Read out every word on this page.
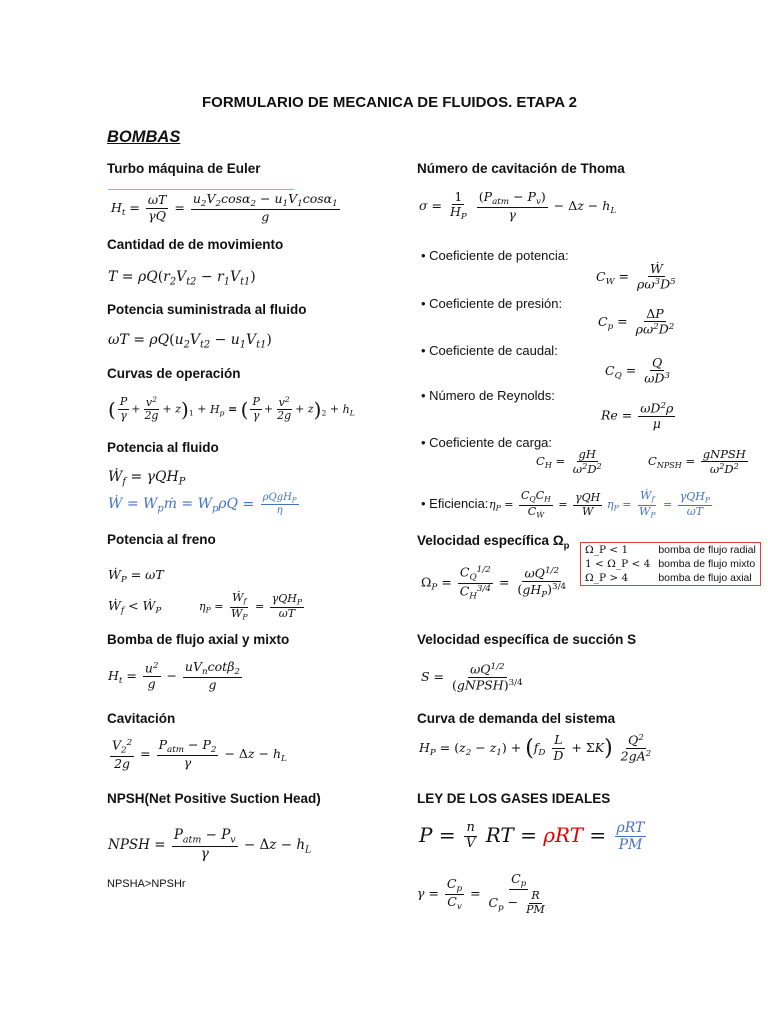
FORMULARIO DE MECANICA DE FLUIDOS. ETAPA 2
BOMBAS
Turbo máquina de Euler
$H_t = \frac{\omega T}{\gamma Q} = \frac{u_2V_2\cos\alpha_2 - u_1V_1\cos\alpha_1}{g}$
Cantidad de de movimiento
$T = \rho Q(r_2V_{t2} - r_1V_{t1})$
Potencia suministrada al fluido
$\omega T = \rho Q(u_2V_{t2} - u_1V_{t1})$
Curvas de operación
( $\frac{P}{\gamma} + \frac{v^2}{2g} + z)_1 + H_p$ = ( $\frac{P}{\gamma} + \frac{v^2}{2g} + z)_2 + h_L$
Potencia al fluido
Ẇ$_f$ = γQH$_P$
Ẇ = $W_pṁ = W_p\rho Q = \frac{\rho QgH_P}{\eta}$
Potencia al freno
Ẇ$_P$ = ωT
Ẇ$_f$ < Ẇ$_P$	$\eta_P = \frac{Ẇ_f}{Ẇ_P} = \frac{\gamma QH_P}{\omega T}$
Bomba de flujo axial y mixto
$H_t = \frac{u^2}{g} - \frac{uV_n\cot\beta_2}{g}$
Cavitación
$\frac{V_2^2}{2g} = \frac{P_{atm} - P_2}{\gamma} - \Delta z - h_L$
NPSH(Net Positive Suction Head)
NPSH = $\frac{P_{atm} - P_v}{\gamma} - \Delta z - h_L$
NPSHA>NPSHr
Número de cavitación de Thoma
$\sigma = \frac{1}{H_P}$
$\frac{(P_{atm} - P_v)}{\gamma} - \Delta z - h_L$
• Coeficiente de potencia:
$C_W = \frac{\text{Ẇ}}{\rho\omega^3D^5}$
• Coeficiente de presión:
$C_p = \frac{\Delta P}{\rho\omega^2D^2}$
• Coeficiente de caudal:
$C_Q = \frac{Q}{\omega D^3}$
• Número de Reynolds:
$Re = \frac{\omega D^2\rho}{\mu}$
• Coeficiente de carga:
$C_H = \frac{gH}{\omega^2D^2}$	$C_{NPSH} = \frac{\text{gNPSH}}{\omega^2D^2}$
• Eficiencia: $\eta_P = \frac{C_QC_H}{C_Ẇ} = \frac{\text{γQH}}{W} \eta_P = \frac{Ẇ_f}{Ẇ_P} = \frac{\gamma QH_P}{\omega T}$
Velocidad específica $\Omega_p$
$\Omega_P = \frac{C_Q^{1/2}}{C_H^{3/4}} = \frac{\omega Q^{1/2}}{(gH_P)^{3/4}}$
Ω_P < 1	bomba de flujo radial
1 < Ω_P < 4	bomba de flujo mixto
Ω_P > 4	bomba de flujo axial
Velocidad específica de succión S
$S = \frac{\omega Q^{1/2}}{(gNPSH)^{3/4}}$
Curva de demanda del sistema
$H_P = (z_2 - z_1) + (f_D \frac{L}{D} + \Sigma K) \frac{Q^2}{2gA^2}$
LEY DE LOS GASES IDEALES
$P = \frac{n}{V}$ RT = $\rho RT = \frac{\text{ρRT}}{PM}$
$\gamma = \frac{C_p}{C_v} = \frac{C_p}{C_p - \frac{R}{PM}}$
